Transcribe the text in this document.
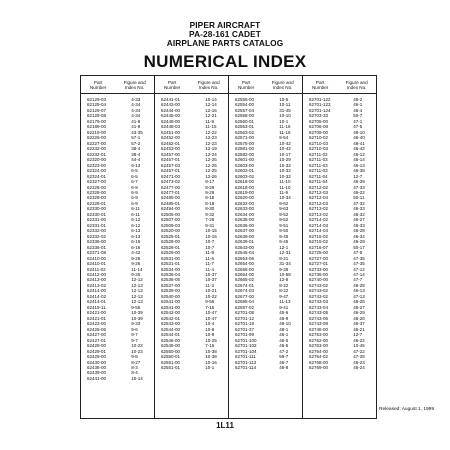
PIPER AIRCRAFT
PA-28-161 CADET
AIRPLANE PARTS CATALOG
NUMERICAL INDEX
Part
Number
Figure and
Index No.
62129-03	4-33
62129-04	4-34
62129-07	4-34
62129-08	4-34
62179-00	41-8
62189-00	41-9
62219-00	43-35
62226-00	57-1
62227-00	57-2
62232-00	38-4
62232-01	38-4
62320-00	44-4
62323-00	6-13
62324-00	6-5
62324-01	6-5
62327-00	6-7
62328-00	6-9
62328-00	6-9
62328-00	6-9
62328-01	6-9
62330-00	6-11
62330-01	6-11
62331-00	6-12
62331-01	6-12
62332-00	6-13
62332-02	6-13
62336-00	6-16
62336-01	6-16
62371-08	4-42
62410-00	9-26
62410-01	9-26
62411-02	11-14
62412-00	9-25
62413-00	12-12
62413-02	12-13
62414-00	12-13
62414-02	12-13
62414-01	12-13
62419-11	9-56
62421-00	10-39
62421-01	10-39
62423-00	9-33
62426-06	9-6
62427-00	9-7
62427-01	9-7
62428-00	10-23
62429-01	10-23
62429-00	9-8
62430-00	8-27
62438-00	8-3
62439-00	8-4
62441-00	10-14
Part
Number
Figure and
Index No.
62441-01	10-14
62443-00	12-14
62444-00	12-16
62445-00	12-21
62448-00	11-9
62448-03	11-15
62451-00	12-22
62452-00	12-23
62452-01	12-23
62453-00	12-19
62457-00	12-24
62457-01	12-25
62457-03	12-25
62457-01	12-25
62471-00	12-26
62473-02	8-17
62477-00	8-29
62477-01	9-29
62485-00	8-18
62485-01	8-18
62494-00	8-30
62505-00	9-32
62507-00	7-26
62509-03	9-31
62520-00	10-15
62525-01	10-15
62528-00	10-7
62528-01	10-7
62529-00	11-9
62531-00	11-6
62531-01	11-7
62534-00	11-4
62536-04	10-37
62536-05	10-37
62537-00	11-3
62539-00	10-21
62540-00	10-22
62541-00	9-56
62541-00	7-15
62542-00	10-47
62542-01	10-47
62543-00	10-4
62544-00	10-9
62544-01	10-9
62546-00	10-25
62549-00	7-16
62550-00	10-38
62550-01	10-38
62551-00	10-16
62551-01	10-1
Part
Number
Figure and
Index No.
62556-00	10-5
62554-00	10-11
62557-04	31-45
62558-00	10-10
62560-01	10-1
62563-01	11-16
62563-02	11-16
62571-00	9-54
62575-00	10-42
62581-00	10-42
62582-00	10-17
62601-00	10-29
62603-00	10-32
62603-01	10-32
62603-02	10-32
62618-00	11-10
62618-00	11-10
62619-00	11-9
62620-00	10-34
62632-00	9-62
62633-00	9-63
62634-00	9-52
62635-00	9-52
62636-00	9-51
62637-00	9-50
62639-00	9-45
62639-01	9-45
62643-00	12-1
62645-04	12-31
62653-06	8-21
62654-00	31-34
62656-00	9-39
62664-00	10-58
62665-02	12-8
62674-01	8-22
62674-03	8-22
62677-00	9-47
62695-04	11-13
62697-02	9-41
62701-08	45-6
62701-12	46-9
62701-18	46-10
62701-37	48-1
62701-99	46-1
62701-100	46-5
62701-102	46-5
62701-104	47-2
62701-111	59-7
62701-113	46-7
62701-114	46-8
Part
Number
Figure and
Index No.
62701-122	46-2
62701-123	46-1
62701-124	46-4
62703-33	50-7
62705-00	47-1
62706-08	47-5
62709-00	48-10
62710-02	46-40
62710-03	46-41
62710-03	46-42
62711-02	46-12
62711-03	46-14
62711-03	46-13
62711-03	46-38
62711-04	12-7
62711-04	46-39
62712-02	47-33
62712-03	46-22
62712-04	50-11
62712-03	47-32
62713-02	46-33
62713-02	46-32
62714-02	46-27
62714-03	46-33
62714-04	46-28
62715-02	46-34
62715-02	46-29
62716-07	50-17
62725-00	47-5
62727-00	47-35
62727-01	47-35
62733-00	47-12
62736-00	47-14
62740-00	47-7
62743-02	46-28
62743-02	46-13
62743-02	47-13
62743-03	46-26
62743-04	46-27
62743-05	46-29
62743-06	46-26
62743-08	46-37
62746-00	46-21
62753-00	12-7
62762-00	46-22
62763-00	10-45
62764-00	47-22
62764-02	47-28
62768-00	46-23
62769-00	46-24
Released: August 1, 1999
1L11
